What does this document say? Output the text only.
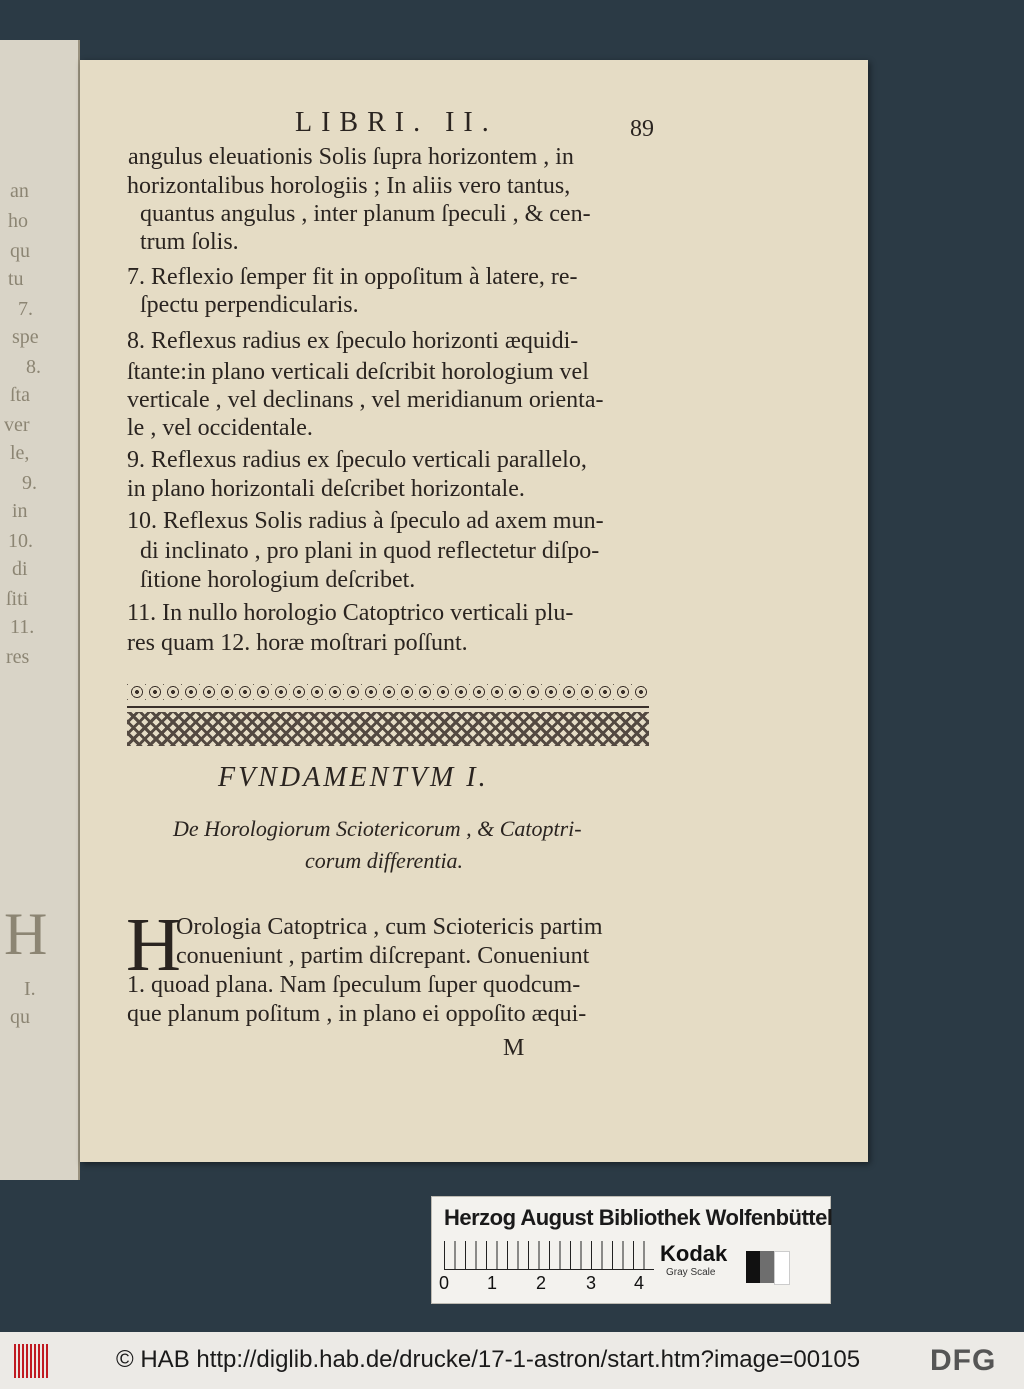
an
ho
qu
tu
7.
spe
8.
ſta
ver
le,
9.
in
10.
di
ſiti
11.
res
H
I.
qu
LIBRI. II.	89
angulus eleuationis Solis ſupra horizontem , in
horizontalibus horologiis ; In aliis vero tantus,
quantus angulus , inter planum ſpeculi , & cen-
trum ſolis.
7. Reflexio ſemper fit in oppoſitum à latere, re-
ſpectu perpendicularis.
8. Reflexus radius ex ſpeculo horizonti æquidi-
ſtante:in plano verticali deſcribit horologium vel
verticale , vel declinans , vel meridianum orienta-
le , vel occidentale.
9. Reflexus radius ex ſpeculo verticali parallelo,
in plano horizontali deſcribet horizontale.
10. Reflexus Solis radius à ſpeculo ad axem mun-
di inclinato , pro plani in quod reflectetur diſpo-
ſitione horologium deſcribet.
11. In nullo horologio Catoptrico verticali plu-
res quam 12. horæ moſtrari poſſunt.
FVNDAMENTVM I.
De Horologiorum Sciotericorum , & Catoptri-
corum differentia.
H
Orologia Catoptrica , cum Sciotericis partim
conueniunt , partim diſcrepant. Conueniunt
1. quoad plana. Nam ſpeculum ſuper quodcum-
que planum poſitum , in plano ei oppoſito æqui-
M
Herzog August Bibliothek Wolfenbüttel
0 1 2 3 4
Kodak
Gray Scale
© HAB http://diglib.hab.de/drucke/17-1-astron/start.htm?image=00105 DFG
